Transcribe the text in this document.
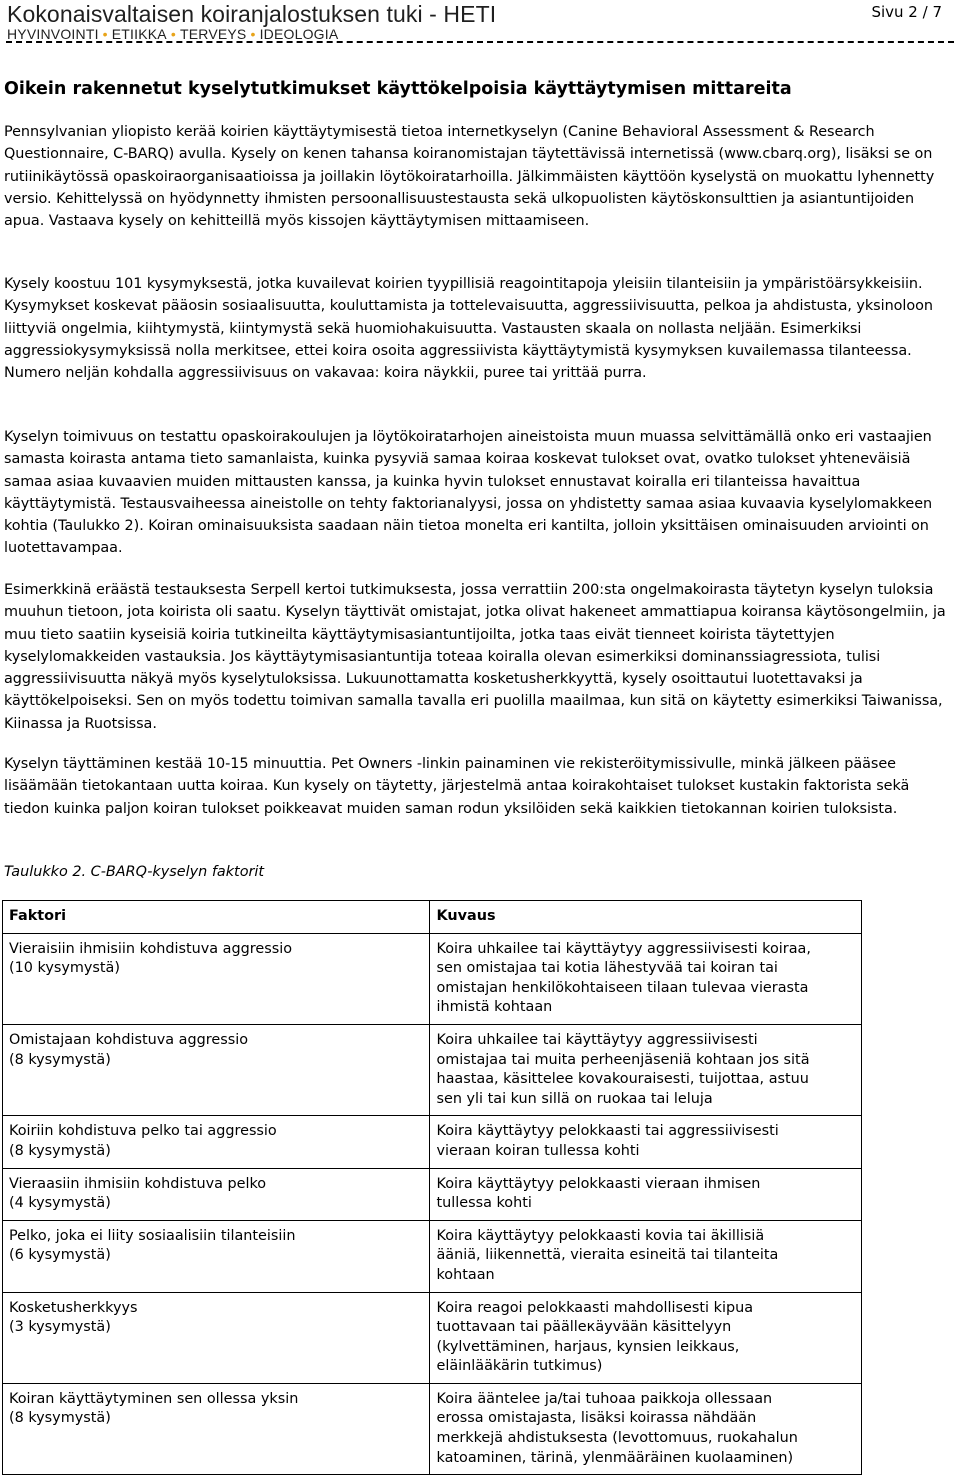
Kokonaisvaltaisen koiranjalostuksen tuki - HETI
HYVINVOINTI • ETIIKKA • TERVEYS • IDEOLOGIA
Sivu 2 / 7
Oikein rakennetut kyselytutkimukset käyttökelpoisia käyttäytymisen mittareita

Pennsylvanian yliopisto kerää koirien käyttäytymisestä tietoa internetkyselyn (Canine Behavioral Assessment & Research Questionnaire, C-BARQ) avulla. Kysely on kenen tahansa koiranomistajan täytettävissä internetissä (www.cbarq.org), lisäksi se on rutiinikäytössä opaskoiraorganisaatioissa ja joillakin löytökoiratarhoilla. Jälkimmäisten käyttöön kyselystä on muokattu lyhennetty versio. Kehittelyssä on hyödynnetty ihmisten persoonallisuustestausta sekä ulkopuolisten käytöskonsulttien ja asiantuntijoiden apua. Vastaava kysely on kehitteillä myös kissojen käyttäytymisen mittaamiseen.

Kysely koostuu 101 kysymyksestä, jotka kuvailevat koirien tyypillisiä reagointitapoja yleisiin tilanteisiin ja ympäristöärsykkeisiin. Kysymykset koskevat pääosin sosiaalisuutta, kouluttamista ja tottelevaisuutta, aggressiivisuutta, pelkoa ja ahdistusta, yksinoloon liittyviä ongelmia, kiihtymystä, kiintymystä sekä huomiohakuisuutta. Vastausten skaala on nollasta neljään. Esimerkiksi aggressiokysymyksissä nolla merkitsee, ettei koira osoita aggressiivista käyttäytymistä kysymyksen kuvailemassa tilanteessa. Numero neljän kohdalla aggressiivisuus on vakavaa: koira näykkii, puree tai yrittää purra.

Kyselyn toimivuus on testattu opaskoirakoulujen ja löytökoiratarhojen aineistoista muun muassa selvittämällä onko eri vastaajien samasta koirasta antama tieto samanlaista, kuinka pysyviä samaa koiraa koskevat tulokset ovat, ovatko tulokset yhteneväisiä samaa asiaa kuvaavien muiden mittausten kanssa, ja kuinka hyvin tulokset ennustavat koiralla eri tilanteissa havaittua käyttäytymistä. Testausvaiheessa aineistolle on tehty faktorianalyysi, jossa on yhdistetty samaa asiaa kuvaavia kyselylomakkeen kohtia (Taulukko 2). Koiran ominaisuuksista saadaan näin tietoa monelta eri kantilta, jolloin yksittäisen ominaisuuden arviointi on luotettavampaa.

Esimerkkinä eräästä testauksesta Serpell kertoi tutkimuksesta, jossa verrattiin 200:sta ongelmakoirasta täytetyn kyselyn tuloksia muuhun tietoon, jota koirista oli saatu. Kyselyn täyttivät omistajat, jotka olivat hakeneet ammattiapua koiransa käytösongelmiin, ja muu tieto saatiin kyseisiä koiria tutkineilta käyttäytymisasiantuntijoilta, jotka taas eivät tienneet koirista täytettyjen kyselylomakkeiden vastauksia. Jos käyttäytymisasiantuntija toteaa koiralla olevan esimerkiksi dominanssiagressiota, tulisi aggressiivisuutta näkyä myös kyselytuloksissa. Lukuunottamatta kosketusherkkyyttä, kysely osoittautui luotettavaksi ja käyttökelpoiseksi. Sen on myös todettu toimivan samalla tavalla eri puolilla maailmaa, kun sitä on käytetty esimerkiksi Taiwanissa, Kiinassa ja Ruotsissa.

Kyselyn täyttäminen kestää 10-15 minuuttia. Pet Owners -linkin painaminen vie rekisteröitymissivulle, minkä jälkeen pääsee lisäämään tietokantaan uutta koiraa. Kun kysely on täytetty, järjestelmä antaa koirakohtaiset tulokset kustakin faktorista sekä tiedon kuinka paljon koiran tulokset poikkeavat muiden saman rodun yksilöiden sekä kaikkien tietokannan koirien tuloksista.

Taulukko 2. C-BARQ-kyselyn faktorit
Faktori	Kuvaus

Vieraisiin ihmisiin kohdistuva aggressio
(10 kysymystä)	Koira uhkailee tai käyttäytyy aggressiivisesti koiraa,
sen omistajaa tai kotia lähestyvää tai koiran tai
omistajan henkilökohtaiseen tilaan tulevaa vierasta
ihmistä kohtaan

Omistajaan kohdistuva aggressio
(8 kysymystä)	Koira uhkailee tai käyttäytyy aggressiivisesti
omistajaa tai muita perheenjäseniä kohtaan jos sitä
haastaa, käsittelee kovakouraisesti, tuijottaa, astuu
sen yli tai kun sillä on ruokaa tai leluja

Koiriin kohdistuva pelko tai aggressio
(8 kysymystä)	Koira käyttäytyy pelokkaasti tai aggressiivisesti
vieraan koiran tullessa kohti

Vieraasiin ihmisiin kohdistuva pelko
(4 kysymystä)	Koira käyttäytyy pelokkaasti vieraan ihmisen
tullessa kohti

Pelko, joka ei liity sosiaalisiin tilanteisiin
(6 kysymystä)	Koira käyttäytyy pelokkaasti kovia tai äkillisiä
ääniä, liikennettä, vieraita esineitä tai tilanteita
kohtaan

Kosketusherkkyys
(3 kysymystä)	Koira reagoi pelokkaasti mahdollisesti kipua
tuottavaan tai päälleкäyvään käsittelyyn
(kylvettäminen, harjaus, kynsien leikkaus,
eläinlääkärin tutkimus)

Koiran käyttäytyminen sen ollessa yksin
(8 kysymystä)	Koira ääntelee ja/tai tuhoaa paikkoja ollessaan
erossa omistajasta, lisäksi koirassa nähdään
merkkejä ahdistuksesta (levottomuus, ruokahalun
katoaminen, tärinä, ylenmääräinen kuolaaminen)
